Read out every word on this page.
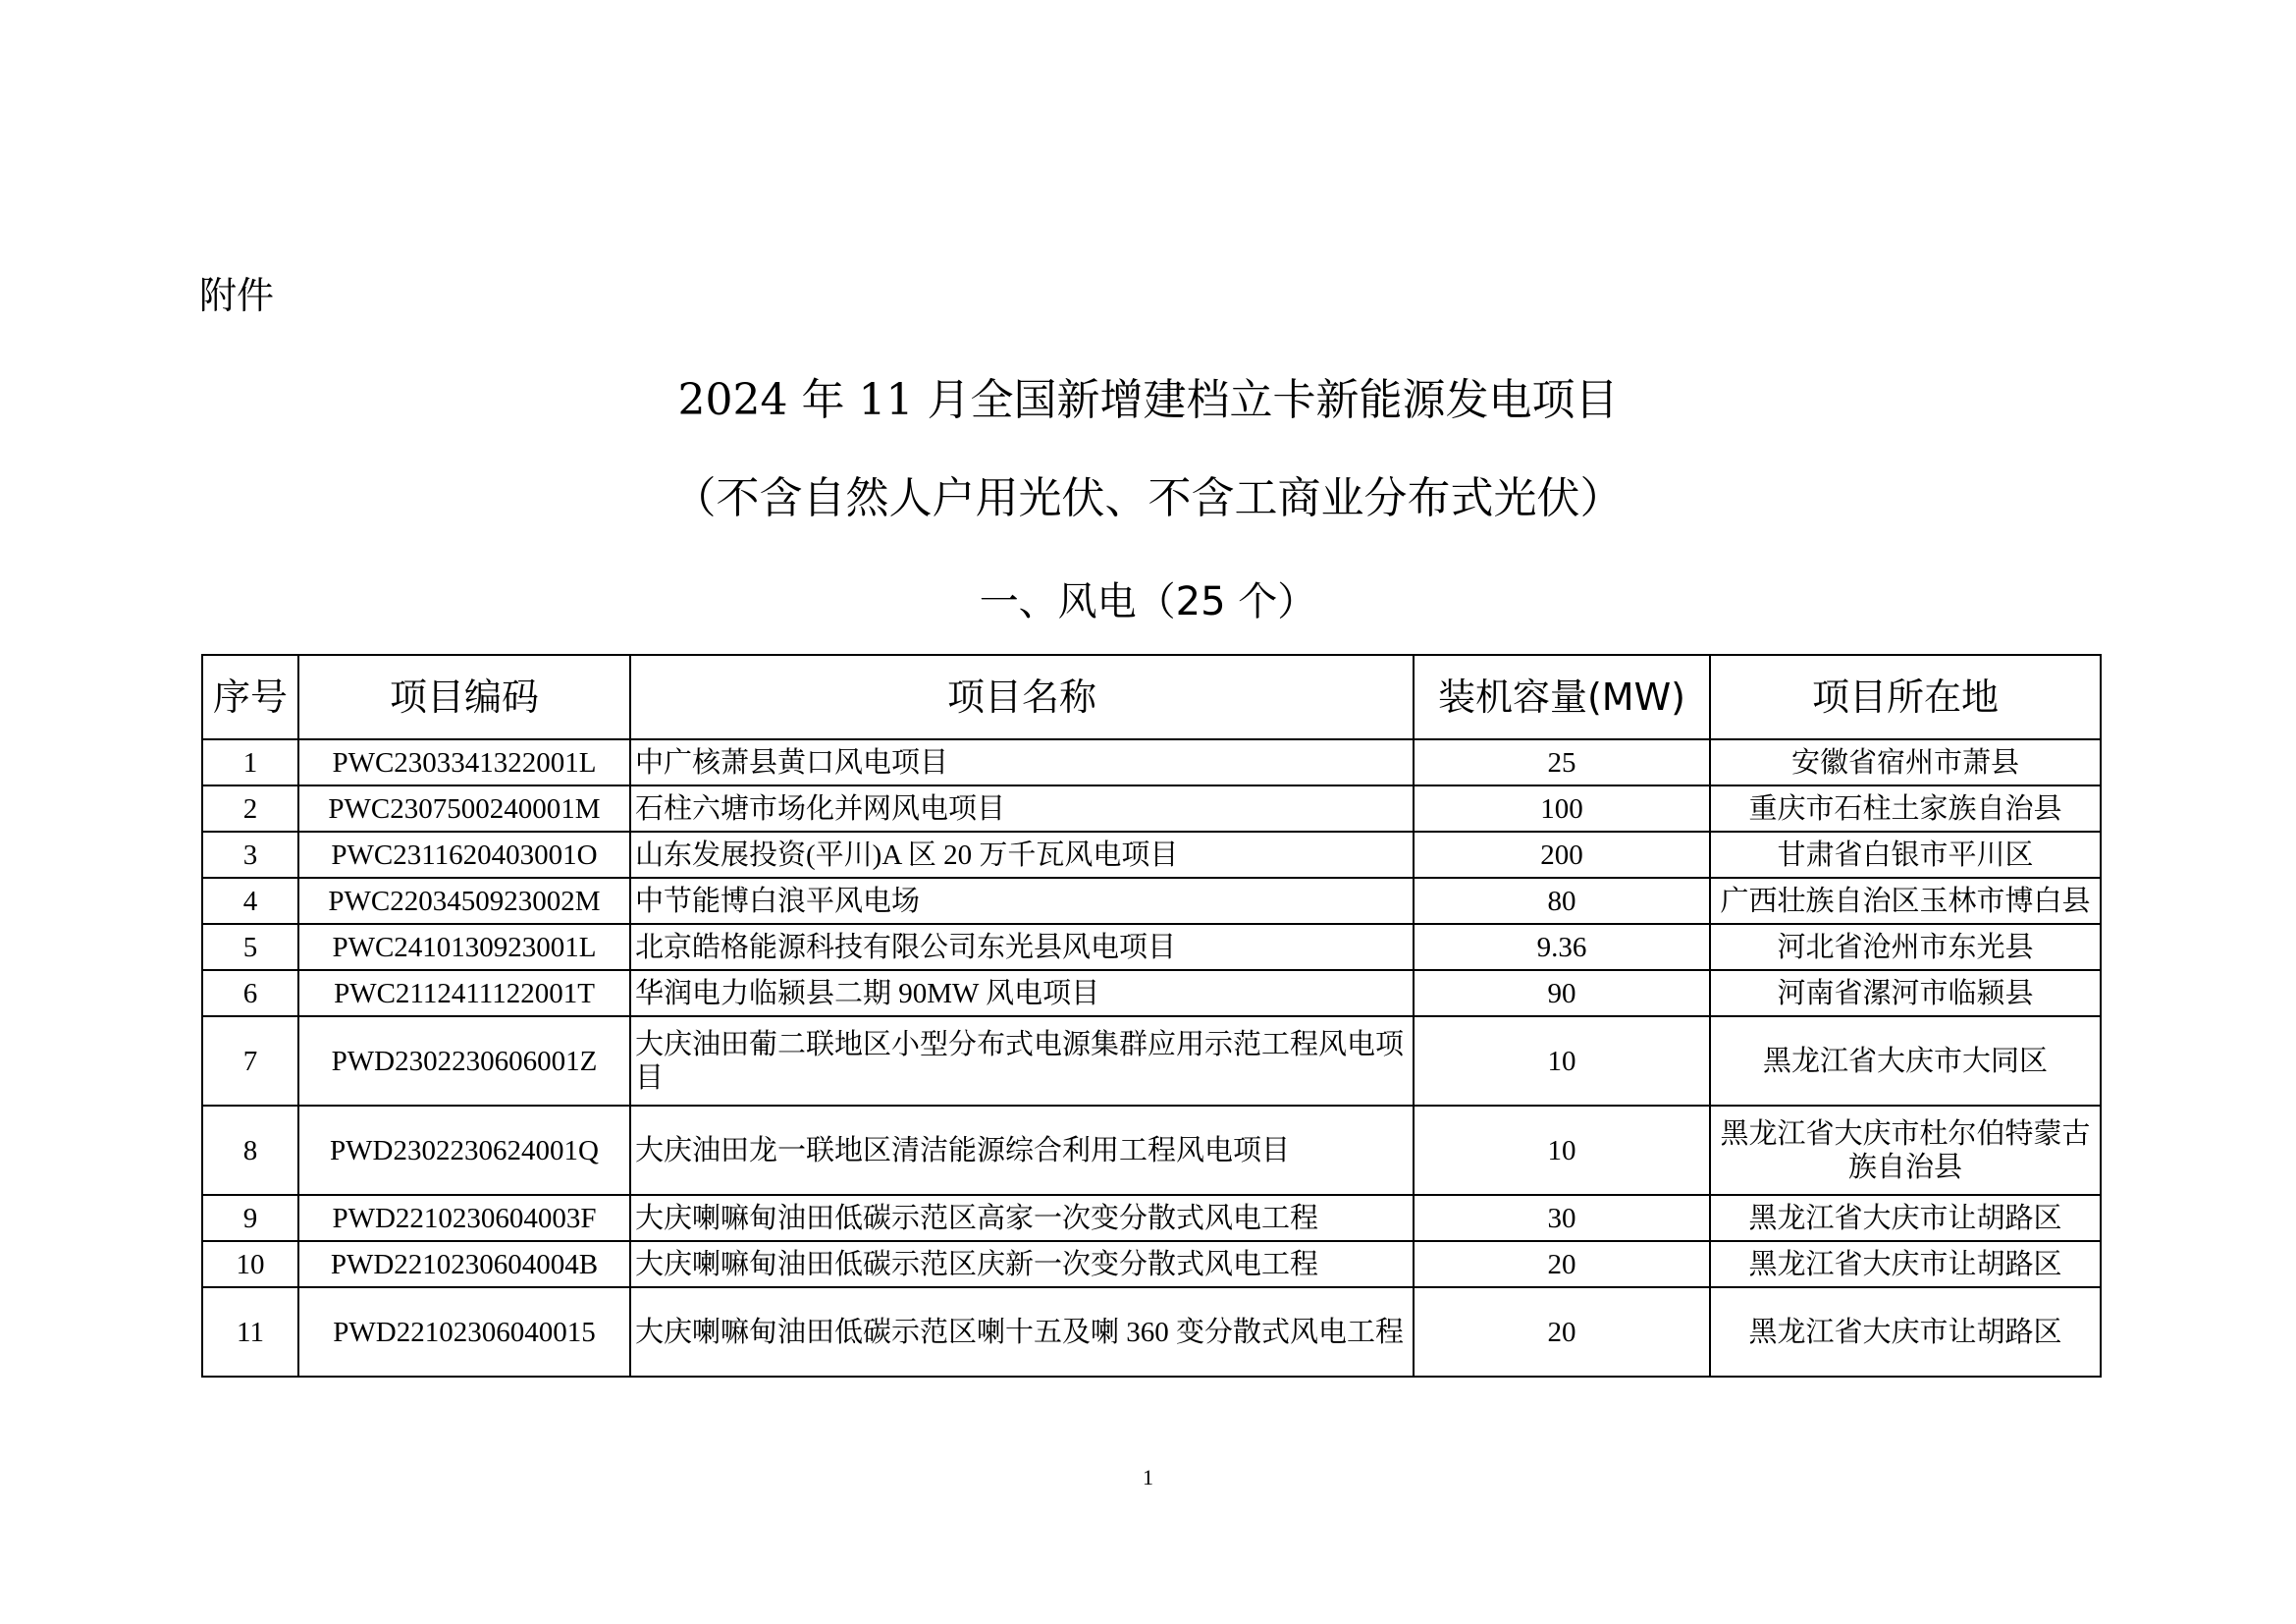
附件
2024 年 11 月全国新增建档立卡新能源发电项目
（不含自然人户用光伏、不含工商业分布式光伏）
一、风电（25 个）
序号	项目编码	项目名称	装机容量(MW)	项目所在地
1	PWC2303341322001L	中广核萧县黄口风电项目	25	安徽省宿州市萧县
2	PWC2307500240001M	石柱六塘市场化并网风电项目	100	重庆市石柱土家族自治县
3	PWC2311620403001O	山东发展投资(平川)A 区 20 万千瓦风电项目	200	甘肃省白银市平川区
4	PWC2203450923002M	中节能博白浪平风电场	80	广西壮族自治区玉林市博白县
5	PWC2410130923001L	北京皓格能源科技有限公司东光县风电项目	9.36	河北省沧州市东光县
6	PWC2112411122001T	华润电力临颍县二期 90MW 风电项目	90	河南省漯河市临颍县
7	PWD2302230606001Z	大庆油田葡二联地区小型分布式电源集群应用示范工程风电项目	10	黑龙江省大庆市大同区
8	PWD2302230624001Q	大庆油田龙一联地区清洁能源综合利用工程风电项目	10	黑龙江省大庆市杜尔伯特蒙古族自治县
9	PWD2210230604003F	大庆喇嘛甸油田低碳示范区高家一次变分散式风电工程	30	黑龙江省大庆市让胡路区
10	PWD2210230604004B	大庆喇嘛甸油田低碳示范区庆新一次变分散式风电工程	20	黑龙江省大庆市让胡路区
11	PWD2210230604001​5	大庆喇嘛甸油田低碳示范区喇十五及喇 360 变分散式风电工程	20	黑龙江省大庆市让胡路区
1
